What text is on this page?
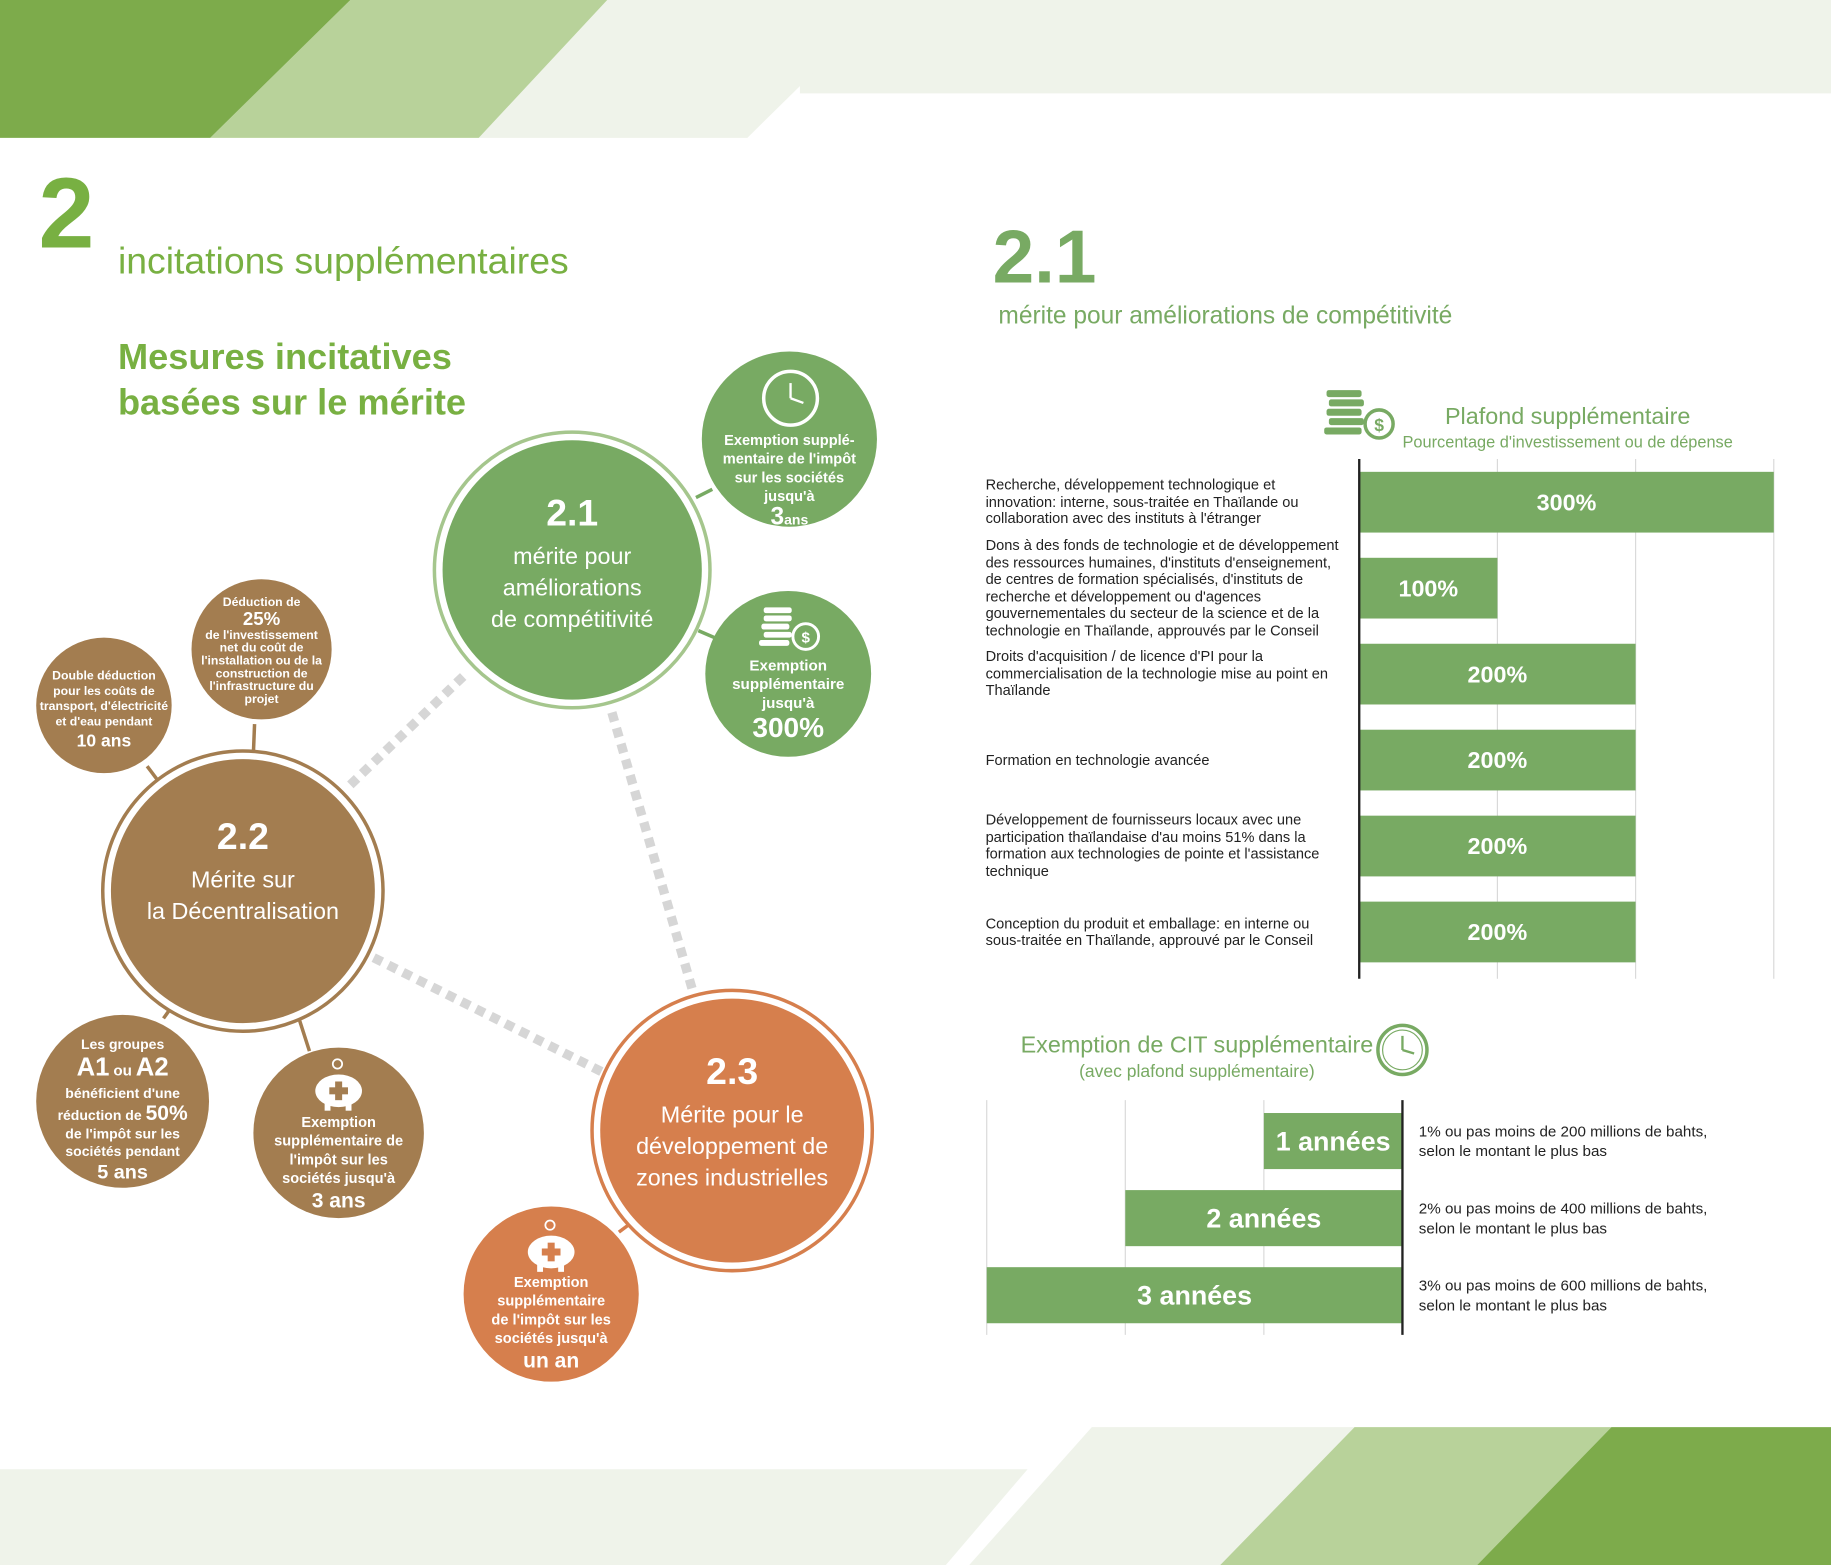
2 incitations supplémentaires
Mesures incitatives
basées sur le mérite
2.1
mérite pour améliorations de compétitivité
$
2.1
mérite pour
améliorations
de compétitivité
Exemption supplé-
mentaire de l'impôt
sur les sociétés
jusqu'à
3ans
Exemption
supplémentaire
jusqu'à
300%
2.2
Mérite sur
la Décentralisation
Déduction de
25%
de l'investissement
net du coût de
l'installation ou de la
construction de
l'infrastructure du
projet
Double déduction
pour les coûts de
transport, d'électricité
et d'eau pendant
10 ans
Les groupes
A1 ou A2
bénéficient d'une
réduction de 50%
de l'impôt sur les
sociétés pendant
5 ans
Exemption
supplémentaire de
l'impôt sur les
sociétés jusqu'à
3 ans
2.3
Mérite pour le
développement de
zones industrielles
Exemption
supplémentaire
de l'impôt sur les
sociétés jusqu'à
un an
$	Plafond supplémentaire
Pourcentage d'investissement ou de dépense
300%
100%
200%
200%
200%
200%
Recherche, développement technologique et
innovation: interne, sous-traitée en Thaïlande ou
collaboration avec des instituts à l'étranger
Dons à des fonds de technologie et de développement
des ressources humaines, d'instituts d'enseignement,
de centres de formation spécialisés, d'instituts de
recherche et développement ou d'agences
gouvernementales du secteur de la science et de la
technologie en Thaïlande, approuvés par le Conseil
Droits d'acquisition / de licence d'PI pour la
commercialisation de la technologie mise au point en
Thaïlande
Formation en technologie avancée
Développement de fournisseurs locaux avec une
participation thaïlandaise d'au moins 51% dans la
formation aux technologies de pointe et l'assistance
technique
Conception du produit et emballage: en interne ou
sous-traitée en Thaïlande, approuvé par le Conseil
Exemption de CIT supplémentaire
(avec plafond supplémentaire)
1 années
2 années
3 années
1% ou pas moins de 200 millions de bahts,
selon le montant le plus bas
2% ou pas moins de 400 millions de bahts,
selon le montant le plus bas
3% ou pas moins de 600 millions de bahts,
selon le montant le plus bas
